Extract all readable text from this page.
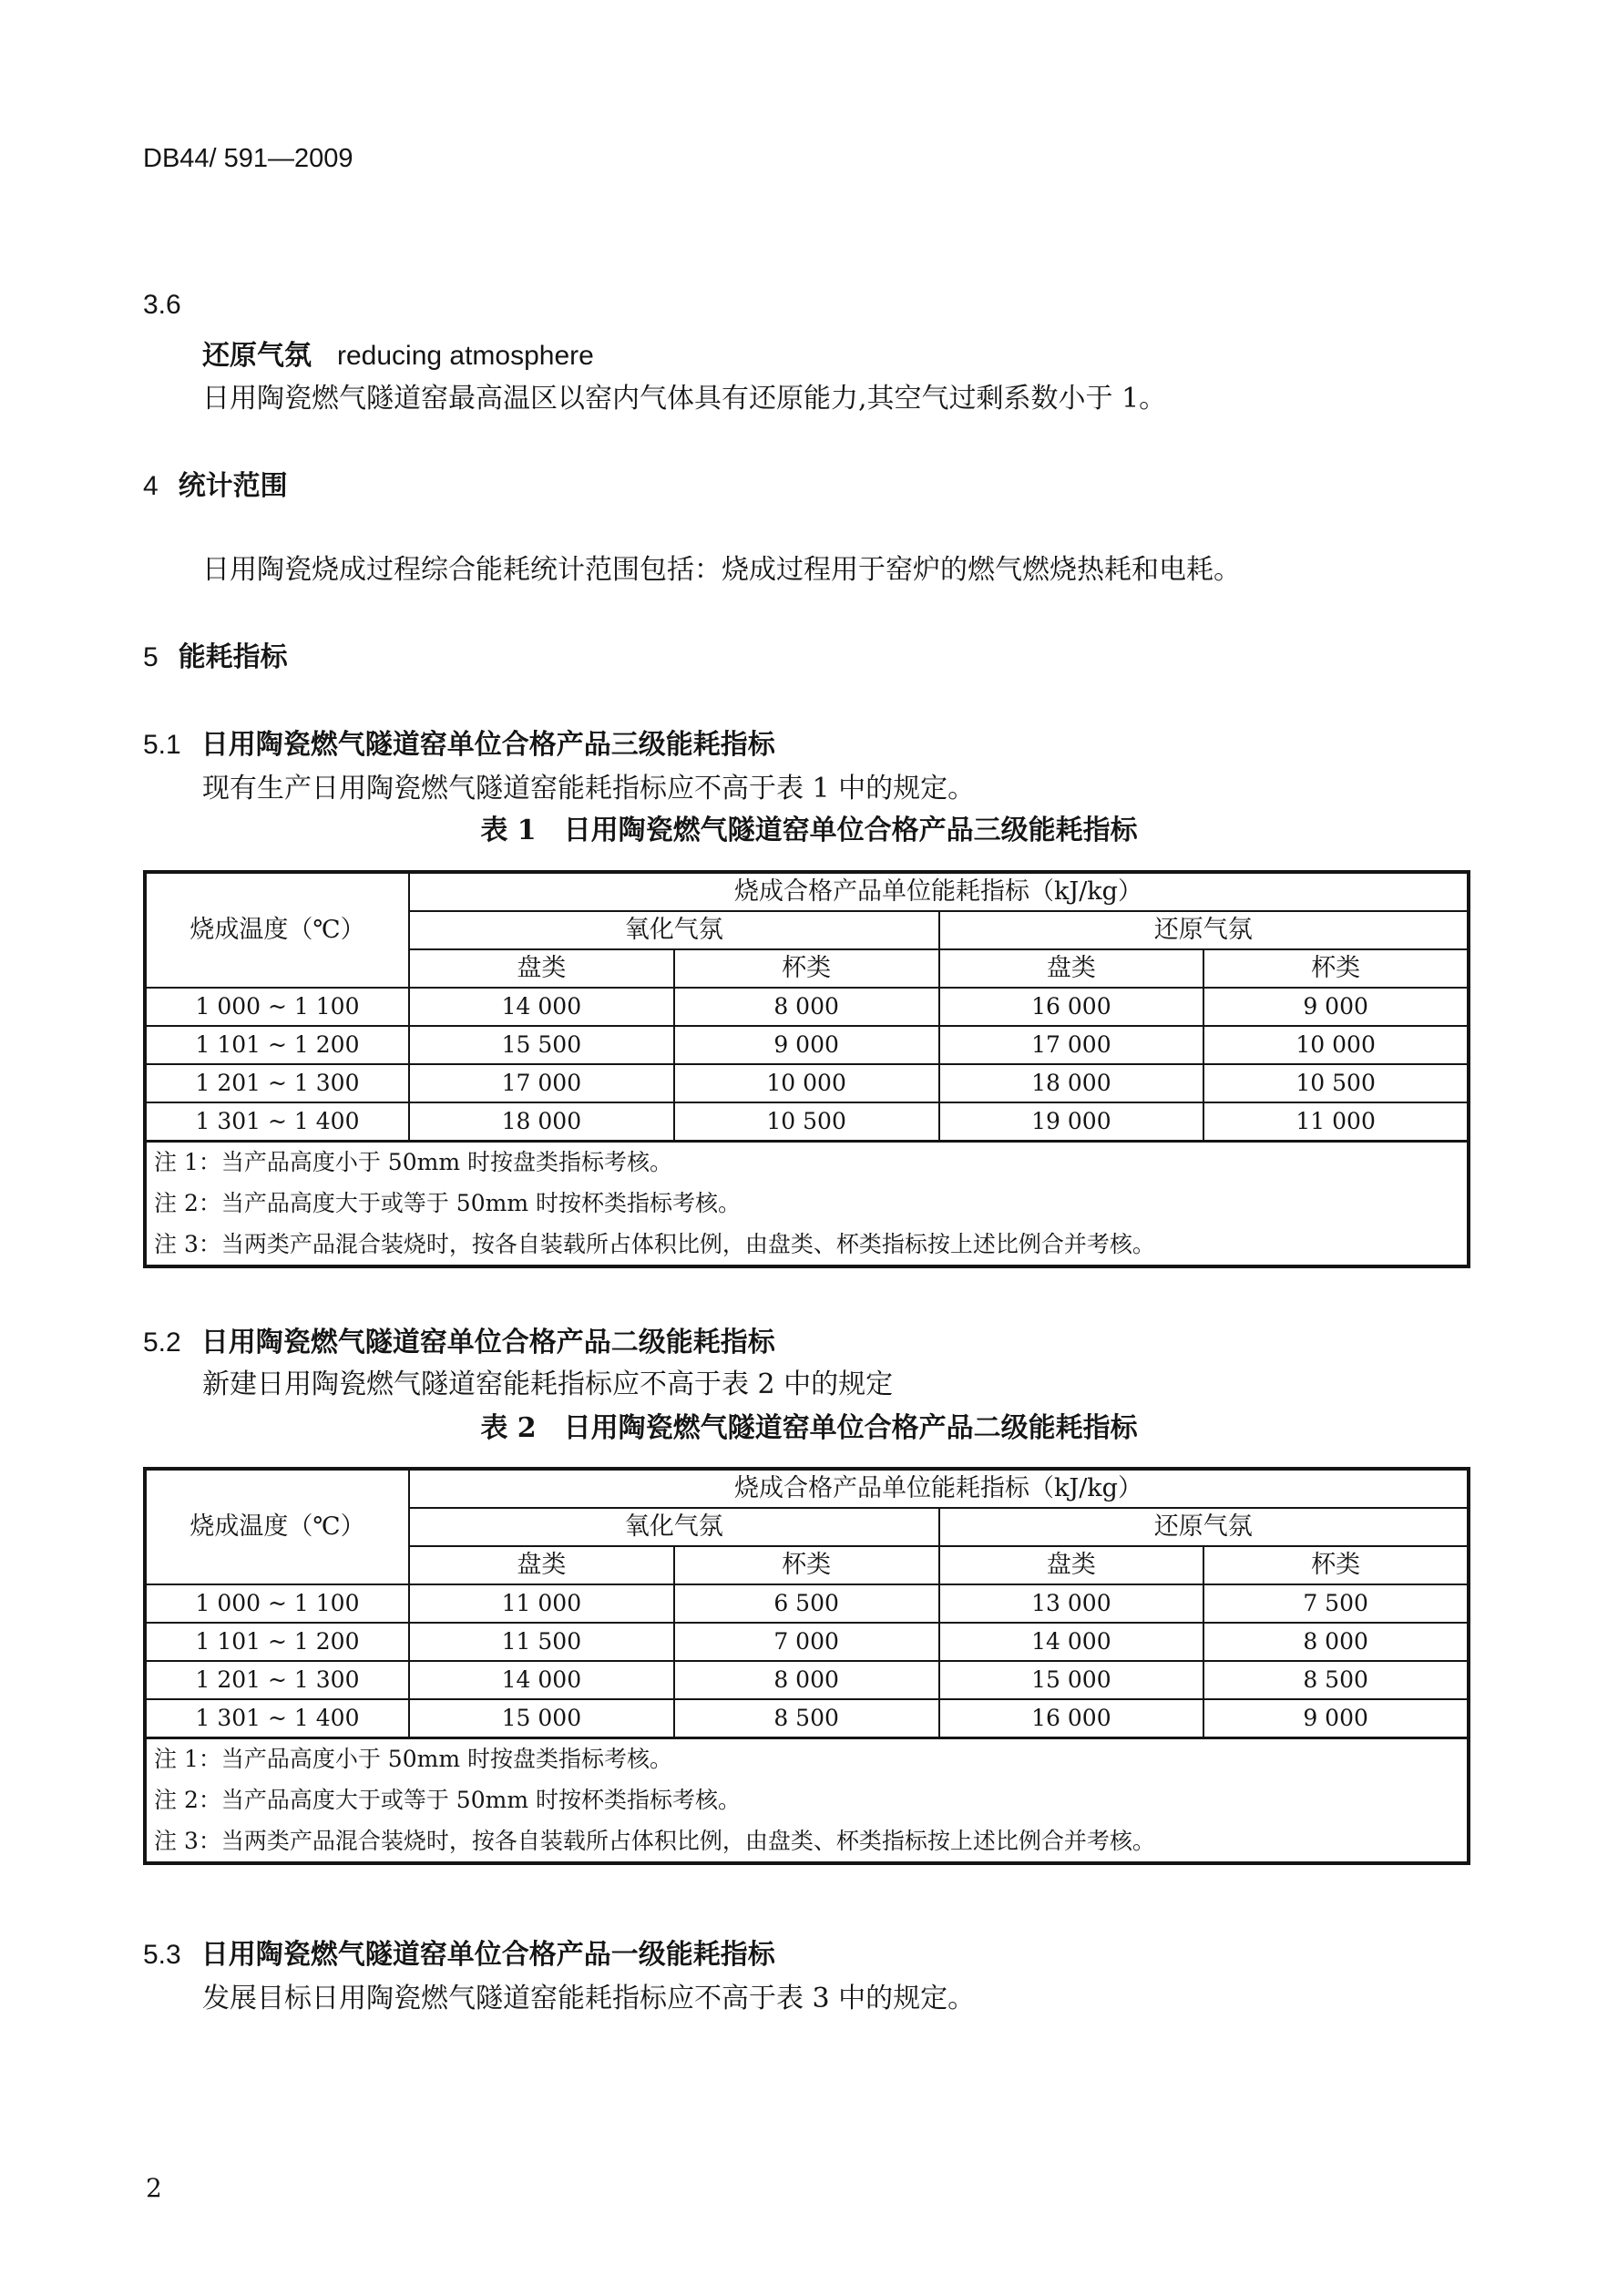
DB44/ 591—2009
3.6
还原气氛 reducing atmosphere
日用陶瓷燃气隧道窑最高温区以窑内气体具有还原能力,其空气过剩系数小于 1。
4 统计范围
日用陶瓷烧成过程综合能耗统计范围包括：烧成过程用于窑炉的燃气燃烧热耗和电耗。
5 能耗指标
5.1 日用陶瓷燃气隧道窑单位合格产品三级能耗指标
现有生产日用陶瓷燃气隧道窑能耗指标应不高于表 1 中的规定。
表 1　日用陶瓷燃气隧道窑单位合格产品三级能耗指标
烧成温度（℃）	烧成合格产品单位能耗指标（kJ/kg）			
	氧化气氛		还原气氛	
	盘类	杯类	盘类	杯类
1 000 ~ 1 100	14 000	8 000	16 000	9 000
1 101 ~ 1 200	15 500	9 000	17 000	10 000
1 201 ~ 1 300	17 000	10 000	18 000	10 500
1 301 ~ 1 400	18 000	10 500	19 000	11 000
注 1：当产品高度小于 50mm 时按盘类指标考核。				
注 2：当产品高度大于或等于 50mm 时按杯类指标考核。				
注 3：当两类产品混合装烧时，按各自装载所占体积比例，由盘类、杯类指标按上述比例合并考核。				
5.2 日用陶瓷燃气隧道窑单位合格产品二级能耗指标
新建日用陶瓷燃气隧道窑能耗指标应不高于表 2 中的规定
表 2　日用陶瓷燃气隧道窑单位合格产品二级能耗指标
烧成温度（℃）	烧成合格产品单位能耗指标（kJ/kg）			
	氧化气氛		还原气氛	
	盘类	杯类	盘类	杯类
1 000 ~ 1 100	11 000	6 500	13 000	7 500
1 101 ~ 1 200	11 500	7 000	14 000	8 000
1 201 ~ 1 300	14 000	8 000	15 000	8 500
1 301 ~ 1 400	15 000	8 500	16 000	9 000
注 1：当产品高度小于 50mm 时按盘类指标考核。				
注 2：当产品高度大于或等于 50mm 时按杯类指标考核。				
注 3：当两类产品混合装烧时，按各自装载所占体积比例，由盘类、杯类指标按上述比例合并考核。				
5.3 日用陶瓷燃气隧道窑单位合格产品一级能耗指标
发展目标日用陶瓷燃气隧道窑能耗指标应不高于表 3 中的规定。
2
